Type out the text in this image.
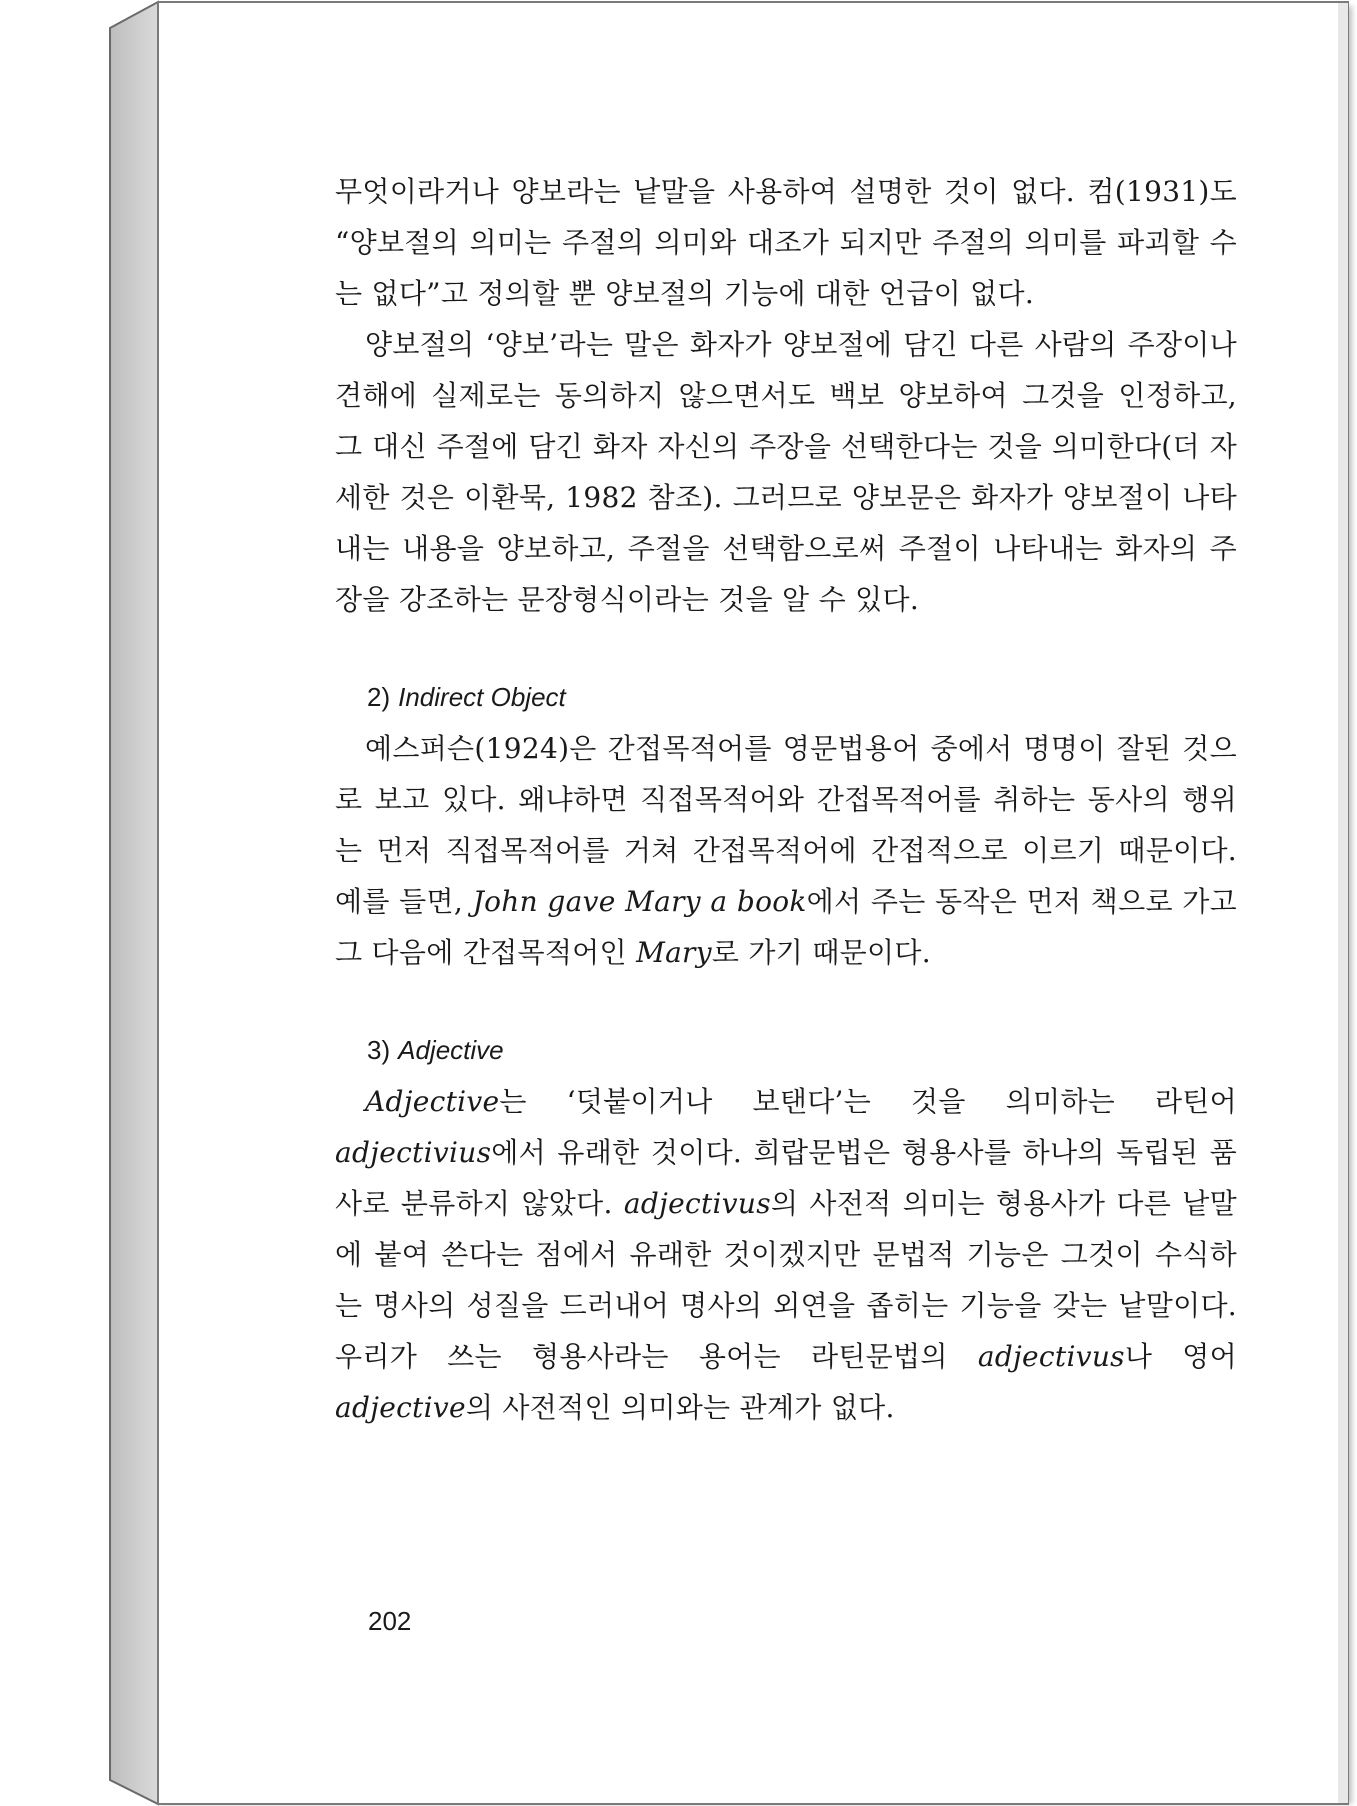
무엇이라거나 양보라는 낱말을 사용하여 설명한 것이 없다. 컴(1931)도 “양보절의 의미는 주절의 의미와 대조가 되지만 주절의 의미를 파괴할 수는 없다”고 정의할 뿐 양보절의 기능에 대한 언급이 없다.

양보절의 ‘양보’라는 말은 화자가 양보절에 담긴 다른 사람의 주장이나 견해에 실제로는 동의하지 않으면서도 백보 양보하여 그것을 인정하고, 그 대신 주절에 담긴 화자 자신의 주장을 선택한다는 것을 의미한다(더 자세한 것은 이환묵, 1982 참조). 그러므로 양보문은 화자가 양보절이 나타내는 내용을 양보하고, 주절을 선택함으로써 주절이 나타내는 화자의 주장을 강조하는 문장형식이라는 것을 알 수 있다.

2) Indirect Object

예스퍼슨(1924)은 간접목적어를 영문법용어 중에서 명명이 잘된 것으로 보고 있다. 왜냐하면 직접목적어와 간접목적어를 취하는 동사의 행위는 먼저 직접목적어를 거쳐 간접목적어에 간접적으로 이르기 때문이다. 예를 들면, John gave Mary a book에서 주는 동작은 먼저 책으로 가고 그 다음에 간접목적어인 Mary로 가기 때문이다.

3) Adjective

Adjective는 ‘덧붙이거나 보탠다’는 것을 의미하는 라틴어 adjectivius에서 유래한 것이다. 희랍문법은 형용사를 하나의 독립된 품사로 분류하지 않았다. adjectivus의 사전적 의미는 형용사가 다른 낱말에 붙여 쓴다는 점에서 유래한 것이겠지만 문법적 기능은 그것이 수식하는 명사의 성질을 드러내어 명사의 외연을 좁히는 기능을 갖는 낱말이다. 우리가 쓰는 형용사라는 용어는 라틴문법의 adjectivus나 영어 adjective의 사전적인 의미와는 관계가 없다.

202
